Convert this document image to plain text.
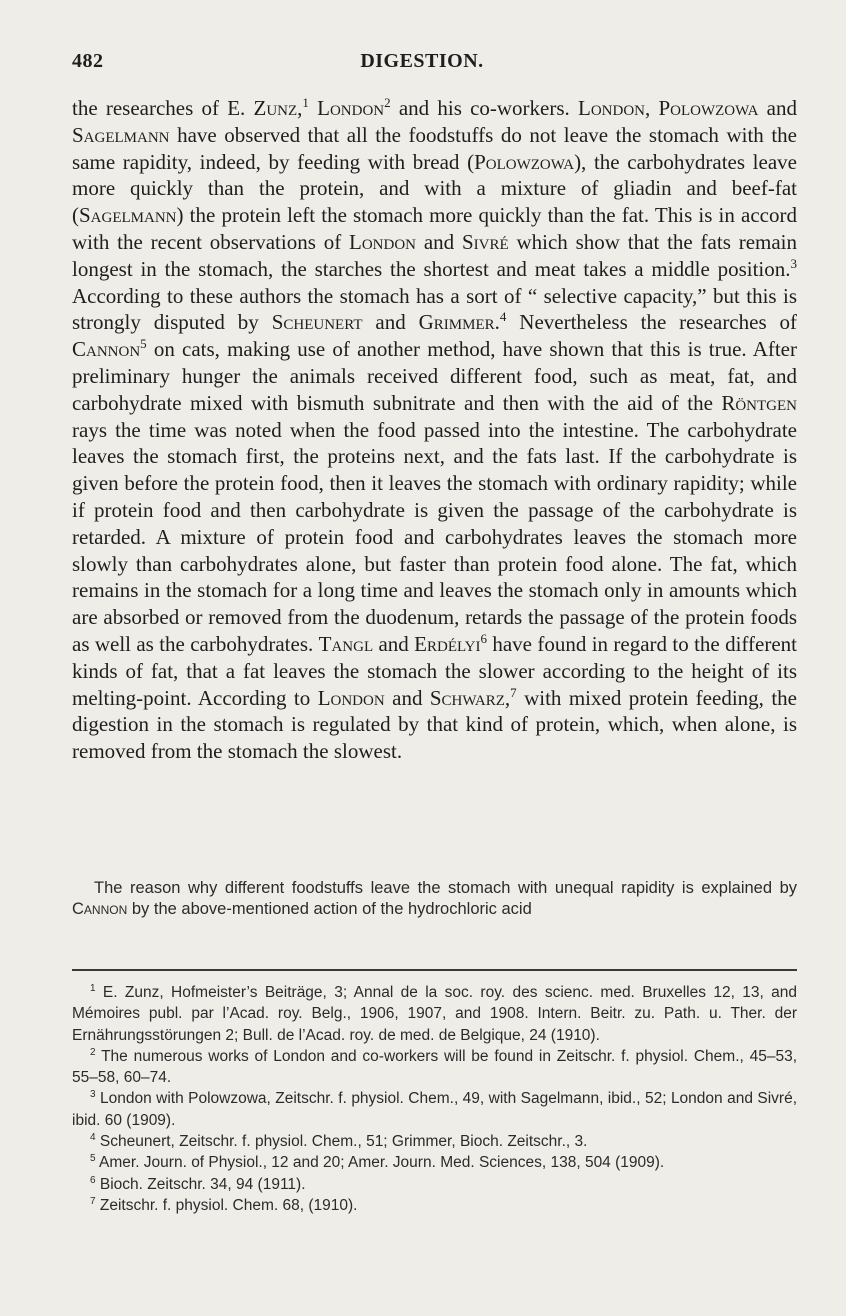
482	DIGESTION.

the researches of E. Zunz,$^1$ London$^2$ and his co-workers. London, Polowzowa and Sagelmann have observed that all the foodstuffs do not leave the stomach with the same rapidity, indeed, by feeding with bread (Polowzowa), the carbohydrates leave more quickly than the protein, and with a mixture of gliadin and beef-fat (Sagelmann) the protein left the stomach more quickly than the fat. This is in accord with the recent observations of London and Sivré which show that the fats remain longest in the stomach, the starches the shortest and meat takes a middle position.$^3$ According to these authors the stomach has a sort of “ selective capacity,” but this is strongly disputed by Scheunert and Grimmer.$^4$ Nevertheless the researches of Cannon$^5$ on cats, making use of another method, have shown that this is true. After preliminary hunger the animals received different food, such as meat, fat, and carbohydrate mixed with bismuth subnitrate and then with the aid of the Röntgen rays the time was noted when the food passed into the intestine. The carbohydrate leaves the stomach first, the proteins next, and the fats last. If the carbohydrate is given before the protein food, then it leaves the stomach with ordinary rapidity; while if protein food and then carbohydrate is given the passage of the carbohydrate is retarded. A mixture of protein food and carbohydrates leaves the stomach more slowly than carbohydrates alone, but faster than protein food alone. The fat, which remains in the stomach for a long time and leaves the stomach only in amounts which are absorbed or removed from the duodenum, retards the passage of the protein foods as well as the carbohydrates. Tangl and Erdélyi$^6$ have found in regard to the different kinds of fat, that a fat leaves the stomach the slower according to the height of its melting-point. According to London and Schwarz,$^7$ with mixed protein feeding, the digestion in the stomach is regulated by that kind of protein, which, when alone, is removed from the stomach the slowest.

The reason why different foodstuffs leave the stomach with unequal rapidity is explained by Cannon by the above-mentioned action of the hydrochloric acid

$^1$ E. Zunz, Hofmeister’s Beiträge, 3; Annal de la soc. roy. des scienc. med. Bruxelles 12, 13, and Mémoires publ. par l’Acad. roy. Belg., 1906, 1907, and 1908. Intern. Beitr. zu. Path. u. Ther. der Ernährungsstörungen 2; Bull. de l’Acad. roy. de med. de Belgique, 24 (1910).

$^2$ The numerous works of London and co-workers will be found in Zeitschr. f. physiol. Chem., 45–53, 55–58, 60–74.

$^3$ London with Polowzowa, Zeitschr. f. physiol. Chem., 49, with Sagelmann, ibid., 52; London and Sivré, ibid. 60 (1909).

$^4$ Scheunert, Zeitschr. f. physiol. Chem., 51; Grimmer, Bioch. Zeitschr., 3.

$^5$ Amer. Journ. of Physiol., 12 and 20; Amer. Journ. Med. Sciences, 138, 504 (1909).

$^6$ Bioch. Zeitschr. 34, 94 (1911).

$^7$ Zeitschr. f. physiol. Chem. 68, (1910).
